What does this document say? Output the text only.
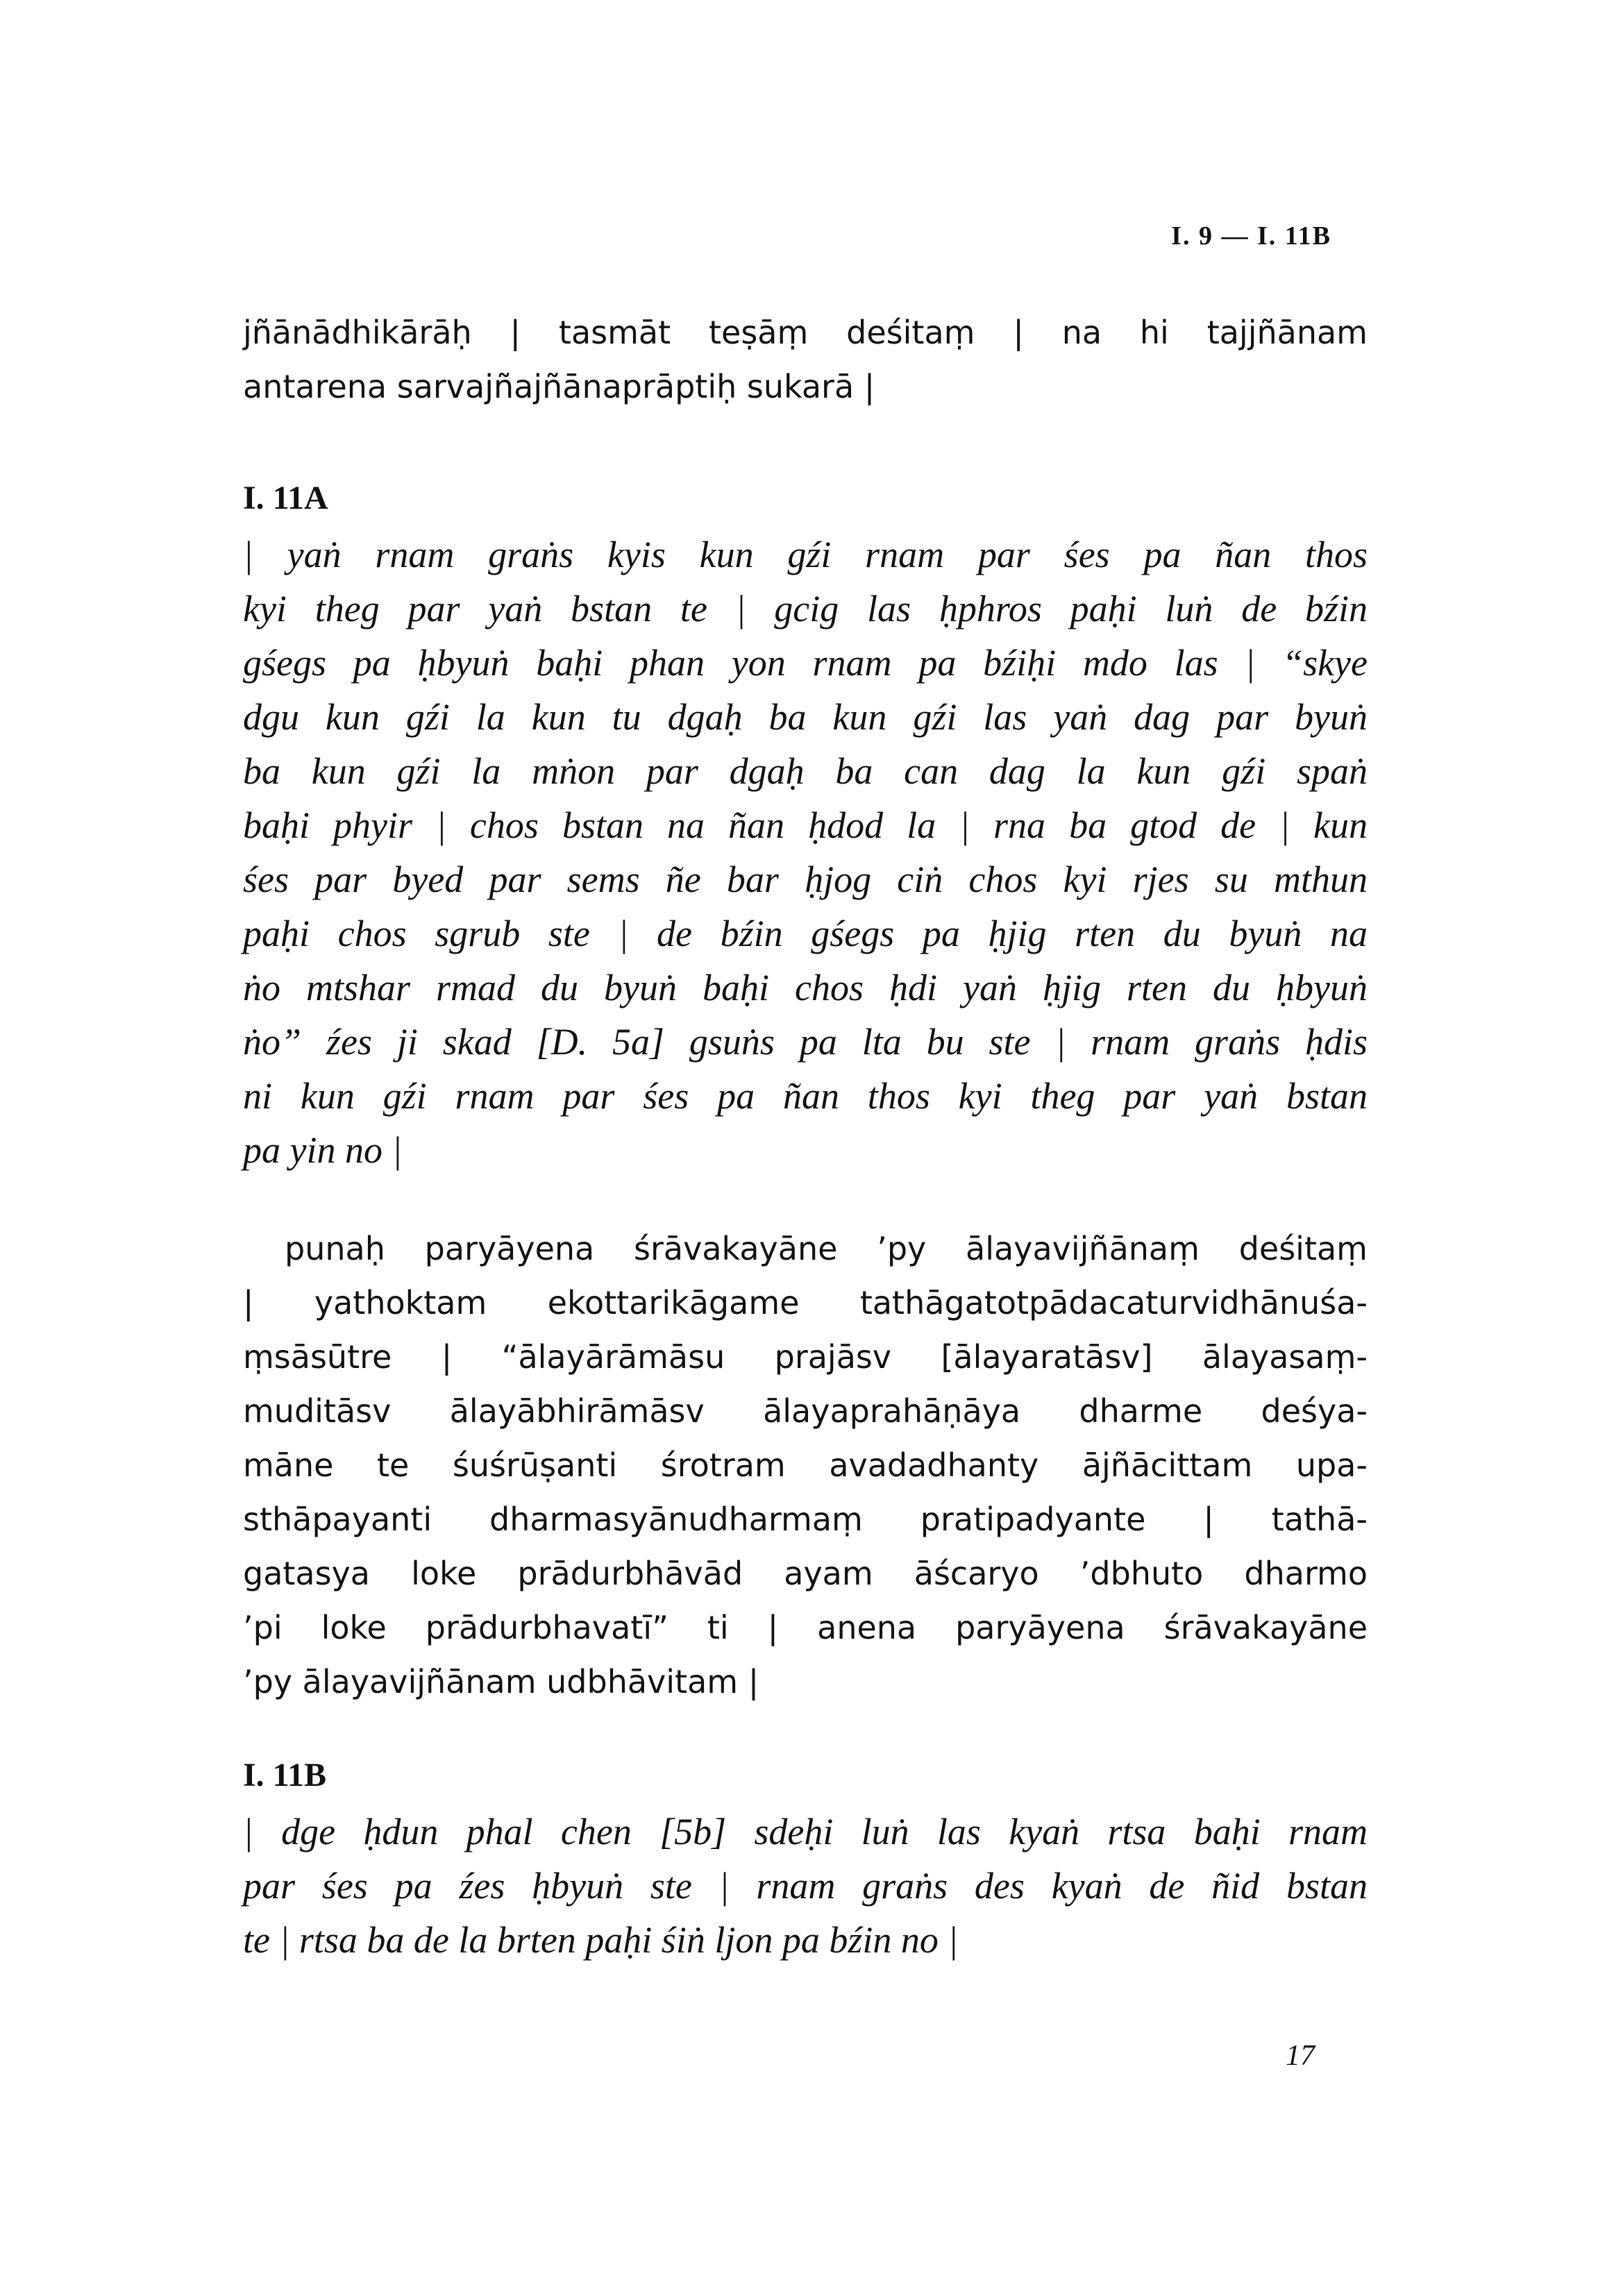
I. 9 — I. 11B
jñānādhikārāḥ | tasmāt teṣāṃ deśitaṃ | na hi tajjñānam
antarena sarvajñajñānaprāptiḥ sukarā |
I. 11A
| yaṅ rnam graṅs kyis kun gźi rnam par śes pa ñan thos
kyi theg par yaṅ bstan te | gcig las ḥphros paḥi luṅ de bźin
gśegs pa ḥbyuṅ baḥi phan yon rnam pa bźiḥi mdo las | “skye
dgu kun gźi la kun tu dgaḥ ba kun gźi las yaṅ dag par byuṅ
ba kun gźi la mṅon par dgaḥ ba can dag la kun gźi spaṅ
baḥi phyir | chos bstan na ñan ḥdod la | rna ba gtod de | kun
śes par byed par sems ñe bar ḥjog ciṅ chos kyi rjes su mthun
paḥi chos sgrub ste | de bźin gśegs pa ḥjig rten du byuṅ na
ṅo mtshar rmad du byuṅ baḥi chos ḥdi yaṅ ḥjig rten du ḥbyuṅ
ṅo” źes ji skad [D. 5a] gsuṅs pa lta bu ste | rnam graṅs ḥdis
ni kun gźi rnam par śes pa ñan thos kyi theg par yaṅ bstan
pa yin no |
punaḥ paryāyena śrāvakayāne ’py ālayavijñānaṃ deśitaṃ
| yathoktam ekottarikāgame tathāgatotpādacaturvidhānuśa-
ṃsāsūtre | “ālayārāmāsu prajāsv [ālayaratāsv] ālayasaṃ-
muditāsv ālayābhirāmāsv ālayaprahāṇāya dharme deśya-
māne te śuśrūṣanti śrotram avadadhanty ājñācittam upa-
sthāpayanti dharmasyānudharmaṃ pratipadyante | tathā-
gatasya loke prādurbhāvād ayam āścaryo ’dbhuto dharmo
’pi loke prādurbhavatī” ti | anena paryāyena śrāvakayāne
’py ālayavijñānam udbhāvitam |
I. 11B
| dge ḥdun phal chen [5b] sdeḥi luṅ las kyaṅ rtsa baḥi rnam
par śes pa źes ḥbyuṅ ste | rnam graṅs des kyaṅ de ñid bstan
te | rtsa ba de la brten paḥi śiṅ ljon pa bźin no |
17
